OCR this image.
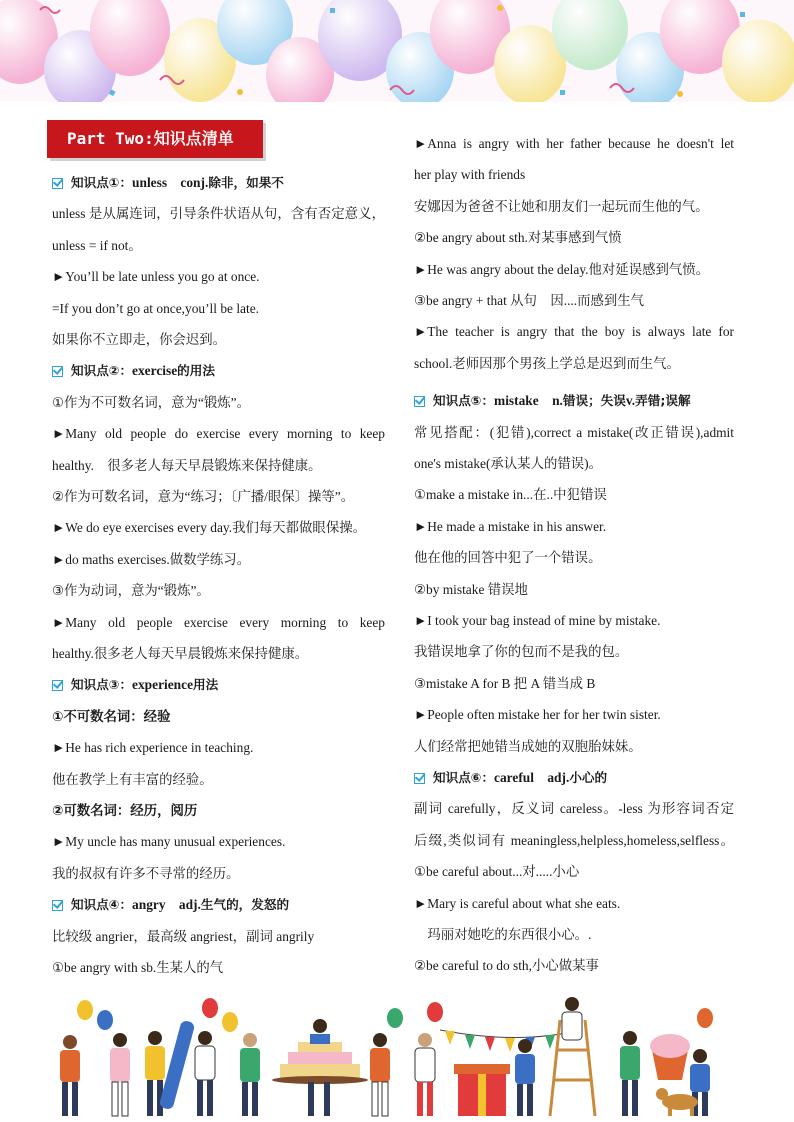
Part Two:知识点清单
知识点①： unless　conj. 除非，如果不
unless 是从属连词，引导条件状语从句，含有否定意义，
unless = if not。
►You’ll be late unless you go at once.
=If you don’t go at once,you’ll be late.
如果你不立即走，你会迟到。
知识点②： exercise 的用法
①作为不可数名词，意为“锻炼”。
►Many old people do exercise every morning to keep
healthy.　很多老人每天早晨锻炼来保持健康。
②作为可数名词，意为“练习；〔广播/眼保〕操等”。
►We do eye exercises every day.我们每天都做眼保操。
►do maths exercises.做数学练习。
③作为动词，意为“锻炼”。
►Many old people exercise every morning to keep
healthy.很多老人每天早晨锻炼来保持健康。
知识点③： experience 用法
①不可数名词：经验
►He has rich experience in teaching.
他在教学上有丰富的经验。
②可数名词：经历，阅历
►My uncle has many unusual experiences.
我的叔叔有许多不寻常的经历。
知识点④： angry　adj. 生气的，发怒的
比较级 angrier，最高级 angriest，副词 angrily
①be angry with sb.生某人的气
►Anna is angry with her father because he doesn't let
her play with friends
安娜因为爸爸不让她和朋友们一起玩而生他的气。
②be angry about sth.对某事感到气愤
►He was angry about the delay.他对延误感到气愤。
③be angry + that 从句　因....而感到生气
►The teacher is angry that the boy is always late for
school.老师因那个男孩上学总是迟到而生气。
知识点⑤： mistake　n. 错误；失误 v. 弄错;误解
常见搭配：(犯错),correct a mistake(改正错误),admit
one's mistake(承认某人的错误)。
①make a mistake in...在..中犯错误
►He made a mistake in his answer.
他在他的回答中犯了一个错误。
②by mistake 错误地
►I took your bag instead of mine by mistake.
我错误地拿了你的包而不是我的包。
③mistake A for B 把 A 错当成 B
►People often mistake her for her twin sister.
人们经常把她错当成她的双胞胎妹妹。
知识点⑥： careful　adj. 小心的
副词 carefully，反义词 careless。-less 为形容词否定
后缀,类似词有 meaningless,helpless,homeless,selfless。
①be careful about...对.....小心
►Mary is careful about what she eats.
　玛丽对她吃的东西很小心。.
②be careful to do sth,小心做某事
